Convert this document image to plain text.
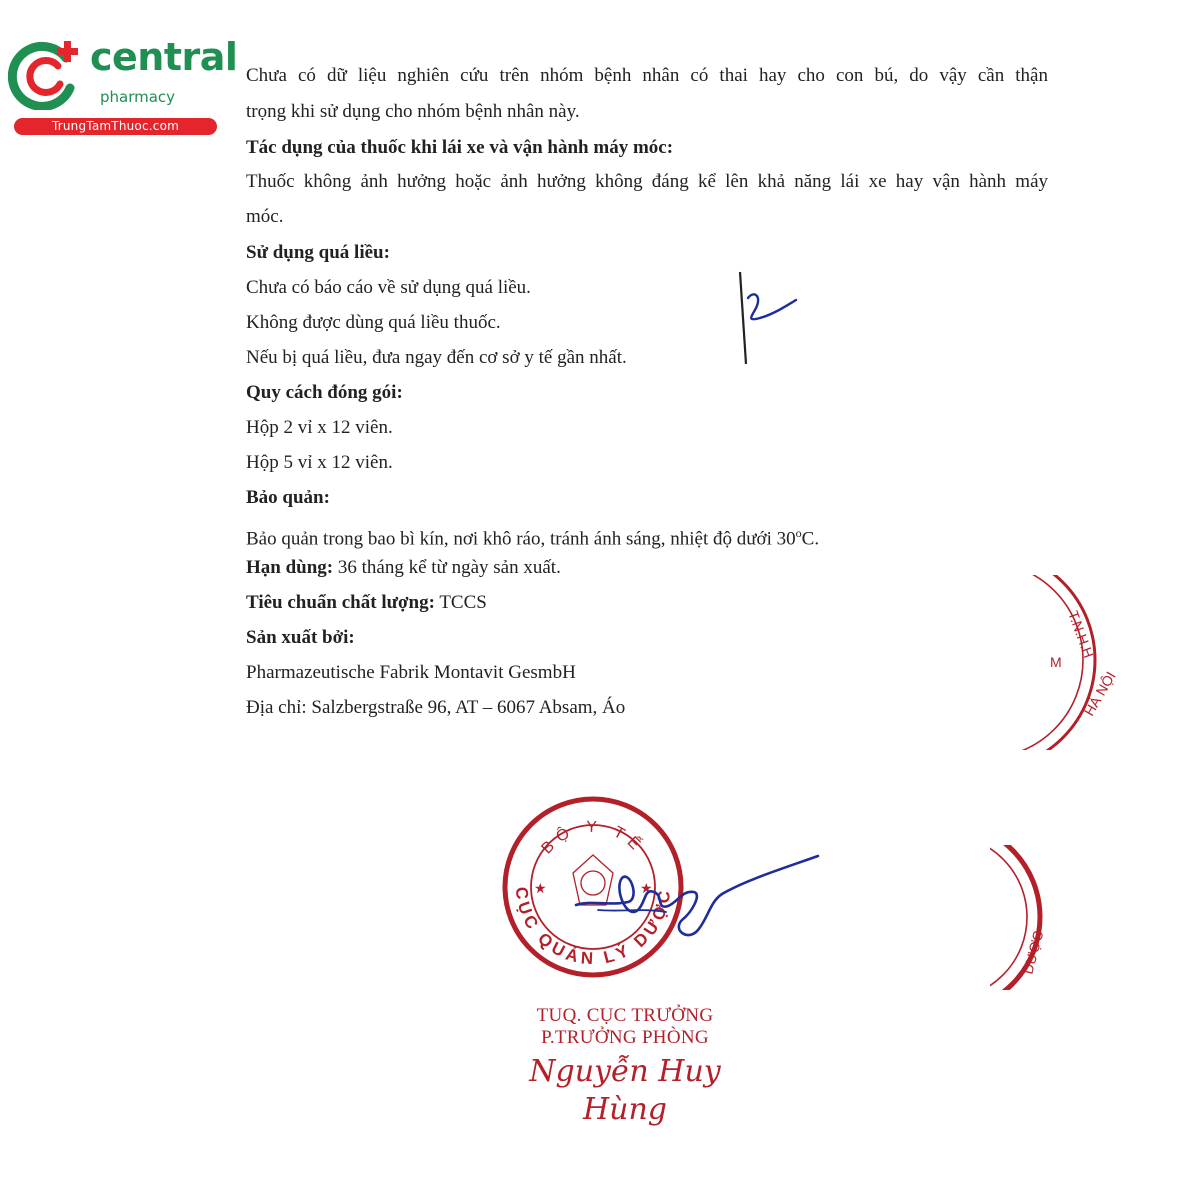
central
pharmacy
TrungTamThuoc.com
Chưa có dữ liệu nghiên cứu trên nhóm bệnh nhân có thai hay cho con bú, do vậy cần thận
trọng khi sử dụng cho nhóm bệnh nhân này.
Tác dụng của thuốc khi lái xe và vận hành máy móc:
Thuốc không ảnh hưởng hoặc ảnh hưởng không đáng kể lên khả năng lái xe hay vận hành máy
móc.
Sử dụng quá liều:
Chưa có báo cáo về sử dụng quá liều.
Không được dùng quá liều thuốc.
Nếu bị quá liều, đưa ngay đến cơ sở y tế gần nhất.
Quy cách đóng gói:
Hộp 2 vỉ x 12 viên.
Hộp 5 vỉ x 12 viên.
Bảo quản:
Bảo quản trong bao bì kín, nơi khô ráo, tránh ánh sáng, nhiệt độ dưới 30$^o$C.
Hạn dùng: 36 tháng kể từ ngày sản xuất.
Tiêu chuẩn chất lượng: TCCS
Sản xuất bởi:
Pharmazeutische Fabrik Montavit GesmbH
Địa chỉ: Salzbergstraße 96, AT – 6067 Absam, Áo
T.N.H.H
HÀ NỘI
M
DƯỢC
BỘ Y TẾ
CỤC QUẢN LÝ DƯỢC
★	★
TUQ. CỤC TRƯỞNG
P.TRƯỞNG PHÒNG
Nguyễn Huy Hùng
